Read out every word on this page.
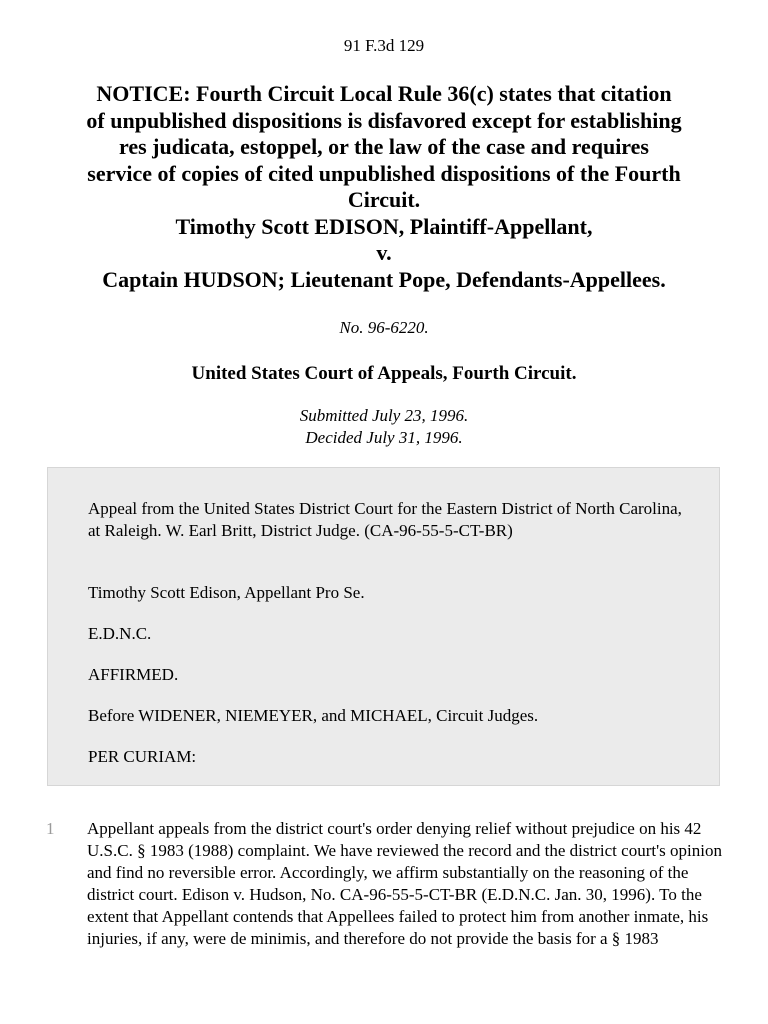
91 F.3d 129
NOTICE: Fourth Circuit Local Rule 36(c) states that citation
of unpublished dispositions is disfavored except for establishing
res judicata, estoppel, or the law of the case and requires
service of copies of cited unpublished dispositions of the Fourth
Circuit.
Timothy Scott EDISON, Plaintiff-Appellant,
v.
Captain HUDSON; Lieutenant Pope, Defendants-Appellees.
No. 96-6220.
United States Court of Appeals, Fourth Circuit.
Submitted July 23, 1996.
Decided July 31, 1996.

Appeal from the United States District Court for the Eastern District of North Carolina, at Raleigh. W. Earl Britt, District Judge. (CA-96-55-5-CT-BR)

Timothy Scott Edison, Appellant Pro Se.

E.D.N.C.

AFFIRMED.

Before WIDENER, NIEMEYER, and MICHAEL, Circuit Judges.

PER CURIAM:

1 Appellant appeals from the district court's order denying relief without prejudice on his 42 U.S.C. § 1983 (1988) complaint. We have reviewed the record and the district court's opinion and find no reversible error. Accordingly, we affirm substantially on the reasoning of the district court. Edison v. Hudson, No. CA-96-55-5-CT-BR (E.D.N.C. Jan. 30, 1996). To the extent that Appellant contends that Appellees failed to protect him from another inmate, his injuries, if any, were de minimis, and therefore do not provide the basis for a § 1983
